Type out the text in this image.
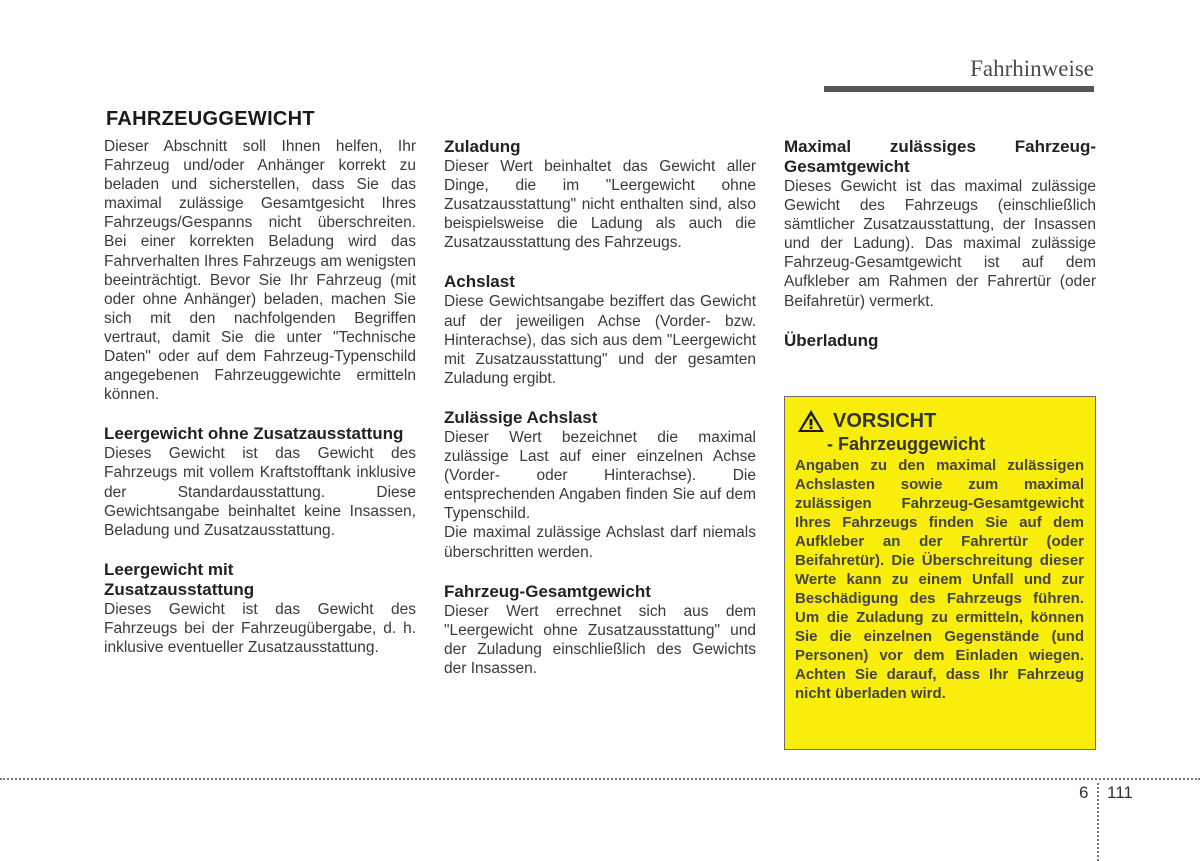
Fahrhinweise
FAHRZEUGGEWICHT

Dieser Abschnitt soll Ihnen helfen, Ihr Fahrzeug und/oder Anhänger korrekt zu beladen und sicherstellen, dass Sie das maximal zulässige Gesamtgesicht Ihres Fahrzeugs/Gespanns nicht überschreiten. Bei einer korrekten Beladung wird das Fahrverhalten Ihres Fahrzeugs am wenigsten beeinträchtigt. Bevor Sie Ihr Fahrzeug (mit oder ohne Anhänger) beladen, machen Sie sich mit den nachfolgenden Begriffen vertraut, damit Sie die unter "Technische Daten" oder auf dem Fahrzeug-Typenschild angegebenen Fahrzeuggewichte ermitteln können.

Leergewicht ohne Zusatzausstattung

Dieses Gewicht ist das Gewicht des Fahrzeugs mit vollem Kraftstofftank inklusive der Standardausstattung. Diese Gewichtsangabe beinhaltet keine Insassen, Beladung und Zusatzausstattung.

Leergewicht mit
Zusatzausstattung

Dieses Gewicht ist das Gewicht des Fahrzeugs bei der Fahrzeugübergabe, d. h. inklusive eventueller Zusatzausstattung.

Zuladung

Dieser Wert beinhaltet das Gewicht aller Dinge, die im "Leergewicht ohne Zusatzausstattung" nicht enthalten sind, also beispielsweise die Ladung als auch die Zusatzausstattung des Fahrzeugs.

Achslast

Diese Gewichtsangabe beziffert das Gewicht auf der jeweiligen Achse (Vorder- bzw. Hinterachse), das sich aus dem "Leergewicht mit Zusatzausstattung" und der gesamten Zuladung ergibt.

Zulässige Achslast

Dieser Wert bezeichnet die maximal zulässige Last auf einer einzelnen Achse (Vorder- oder Hinterachse). Die entsprechenden Angaben finden Sie auf dem Typenschild.

Die maximal zulässige Achslast darf niemals überschritten werden.

Fahrzeug-Gesamtgewicht

Dieser Wert errechnet sich aus dem "Leergewicht ohne Zusatzausstattung" und der Zuladung einschließlich des Gewichts der Insassen.

Maximal zulässiges Fahrzeug-Gesamtgewicht

Dieses Gewicht ist das maximal zulässige Gewicht des Fahrzeugs (einschließlich sämtlicher Zusatzausstattung, der Insassen und der Ladung). Das maximal zulässige Fahrzeug-Gesamtgewicht ist auf dem Aufkleber am Rahmen der Fahrertür (oder Beifahretür) vermerkt.

Überladung
VORSICHT

- Fahrzeuggewicht

Angaben zu den maximal zulässigen Achslasten sowie zum maximal zulässigen Fahrzeug-Gesamtgewicht Ihres Fahrzeugs finden Sie auf dem Aufkleber an der Fahrertür (oder Beifahretür). Die Überschreitung dieser Werte kann zu einem Unfall und zur Beschädigung des Fahrzeugs führen. Um die Zuladung zu ermitteln, können Sie die einzelnen Gegenstände (und Personen) vor dem Einladen wiegen. Achten Sie darauf, dass Ihr Fahrzeug nicht überladen wird.

6 111
